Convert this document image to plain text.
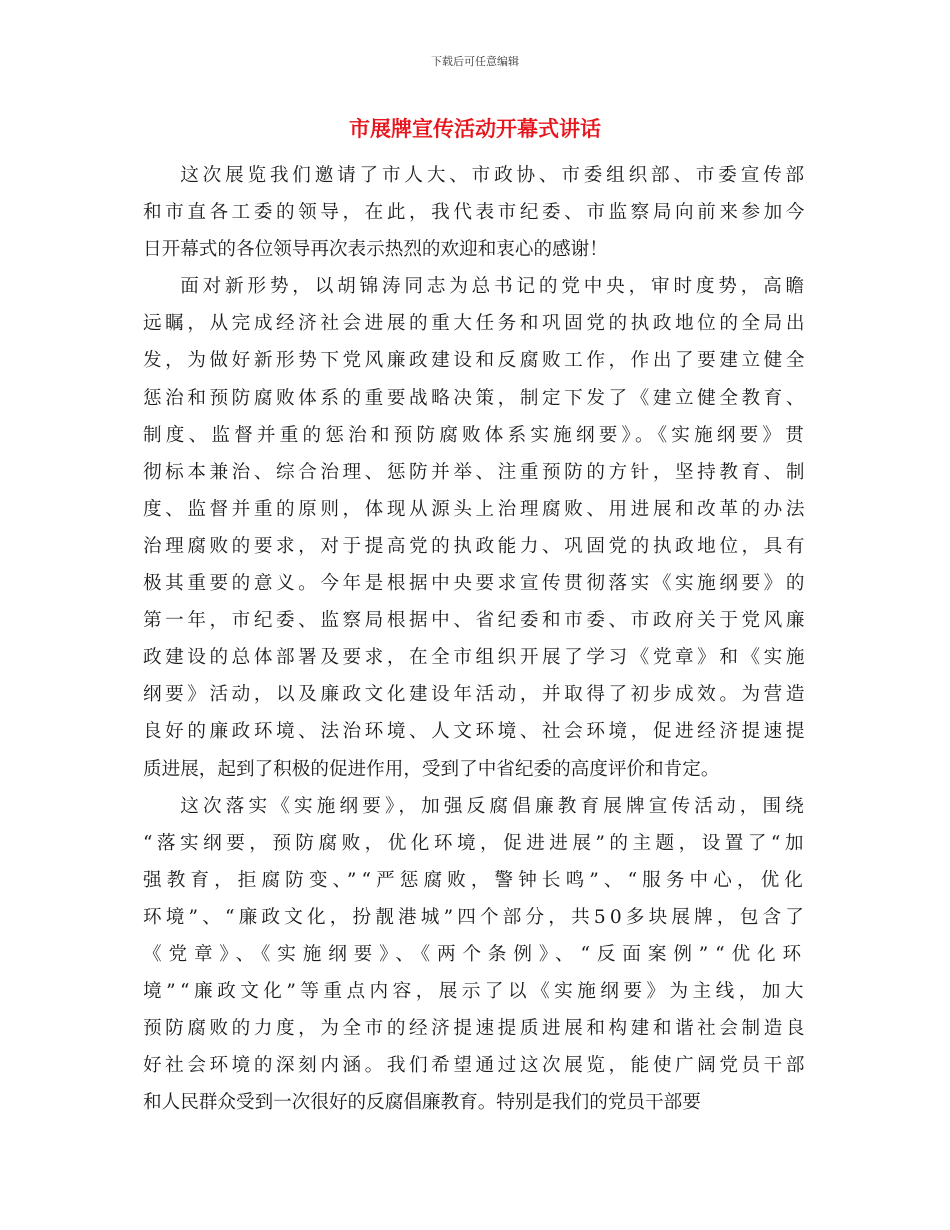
下载后可任意编辑
市展牌宣传活动开幕式讲话
这次展览我们邀请了市人大、市政协、市委组织部、市委宣传部
和市直各工委的领导，在此，我代表市纪委、市监察局向前来参加今
日开幕式的各位领导再次表示热烈的欢迎和衷心的感谢！
面对新形势，以胡锦涛同志为总书记的党中央，审时度势，高瞻
远瞩，从完成经济社会进展的重大任务和巩固党的执政地位的全局出
发，为做好新形势下党风廉政建设和反腐败工作，作出了要建立健全
惩治和预防腐败体系的重要战略决策，制定下发了《建立健全教育、
制度、监督并重的惩治和预防腐败体系实施纲要》。《实施纲要》贯
彻标本兼治、综合治理、惩防并举、注重预防的方针，坚持教育、制
度、监督并重的原则，体现从源头上治理腐败、用进展和改革的办法
治理腐败的要求，对于提高党的执政能力、巩固党的执政地位，具有
极其重要的意义。今年是根据中央要求宣传贯彻落实《实施纲要》的
第一年，市纪委、监察局根据中、省纪委和市委、市政府关于党风廉
政建设的总体部署及要求，在全市组织开展了学习《党章》和《实施
纲要》活动，以及廉政文化建设年活动，并取得了初步成效。为营造
良好的廉政环境、法治环境、人文环境、社会环境，促进经济提速提
质进展，起到了积极的促进作用，受到了中省纪委的高度评价和肯定。
这次落实《实施纲要》，加强反腐倡廉教育展牌宣传活动，围绕
“落实纲要，预防腐败，优化环境，促进进展”的主题，设置了“加
强教育，拒腐防变、”“严惩腐败，警钟长鸣”、“服务中心，优化
环境”、“廉政文化，扮靓港城”四个部分，共50多块展牌，包含了
《党章》、《实施纲要》、《两个条例》、“反面案例”“优化环
境”“廉政文化”等重点内容，展示了以《实施纲要》为主线，加大
预防腐败的力度，为全市的经济提速提质进展和构建和谐社会制造良
好社会环境的深刻内涵。我们希望通过这次展览，能使广阔党员干部
和人民群众受到一次很好的反腐倡廉教育。特别是我们的党员干部要
